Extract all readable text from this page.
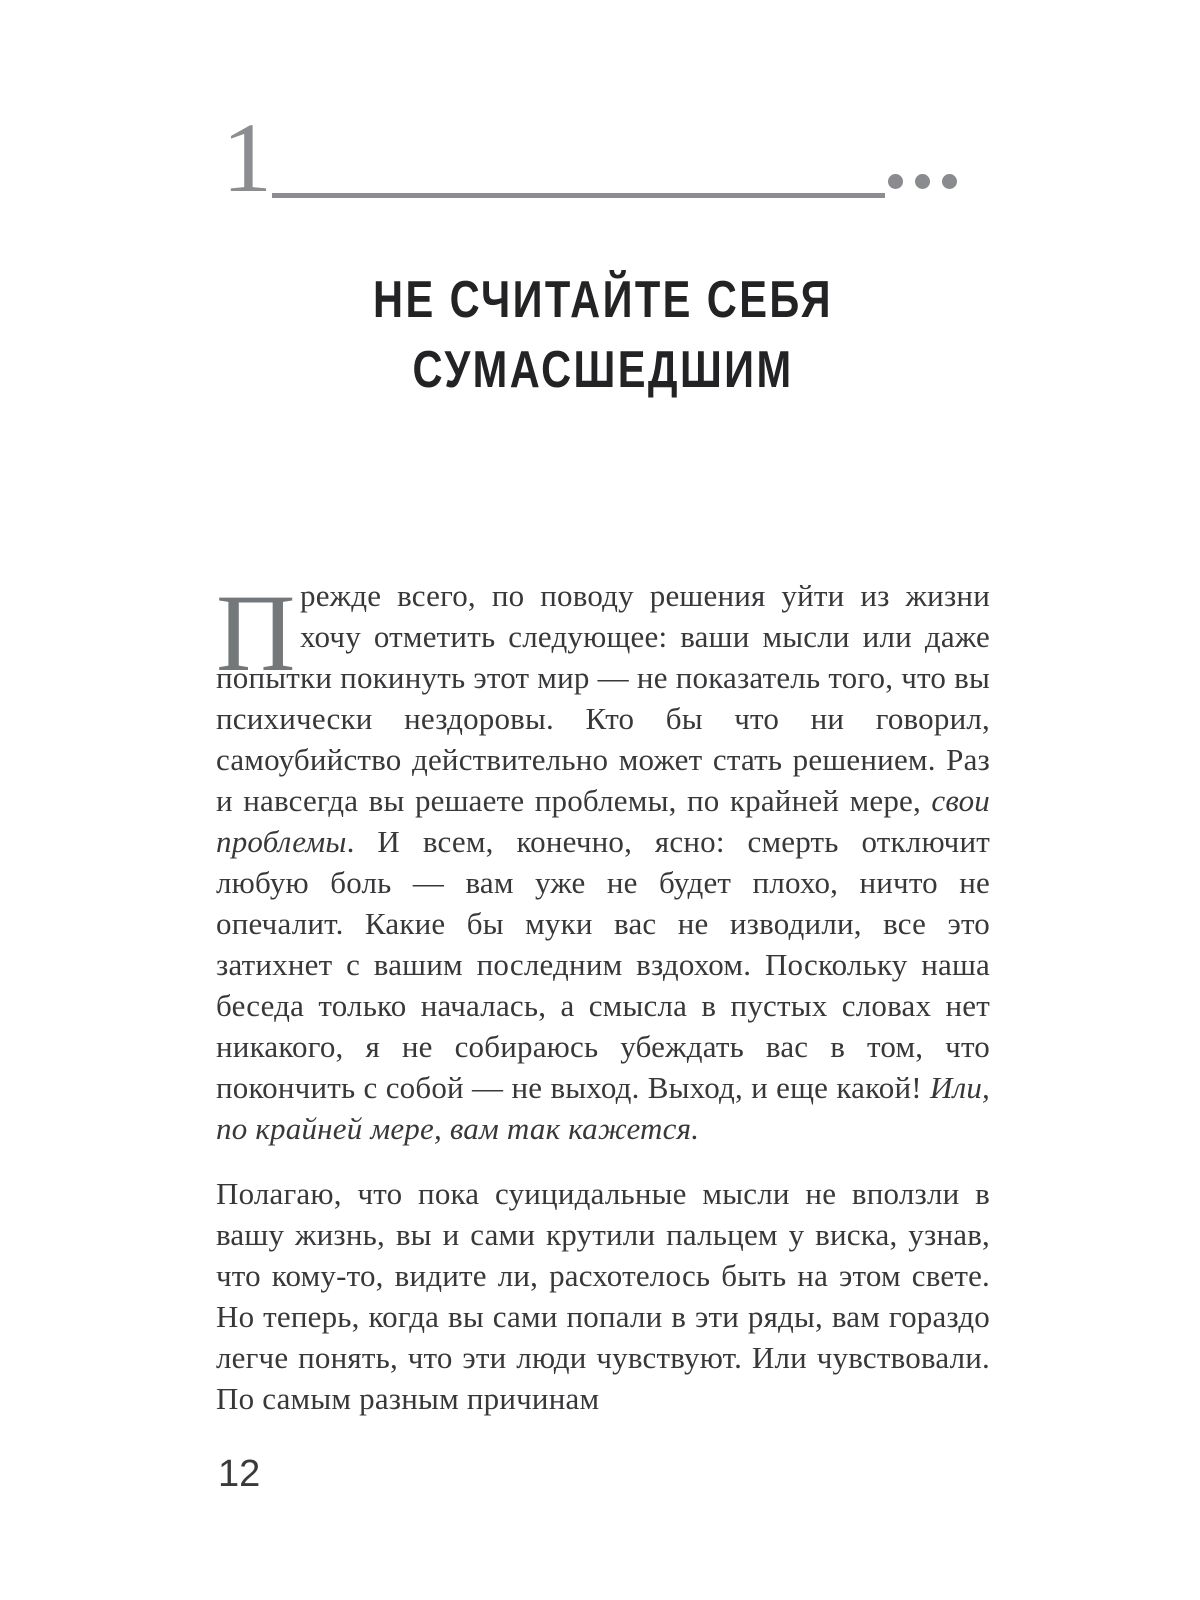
1
НЕ СЧИТАЙТЕ СЕБЯ
СУМАСШЕДШИМ

П режде всего, по поводу решения уйти из жизни хочу отметить следующее: ваши мысли или даже попытки покинуть этот мир — не показатель того, что вы психически нездоровы. Кто бы что ни говорил, самоубийство действительно может стать решением. Раз и навсегда вы решаете проблемы, по крайней мере, свои проблемы. И всем, конечно, ясно: смерть отключит любую боль — вам уже не будет плохо, ничто не опечалит. Какие бы муки вас не изводили, все это затихнет с вашим последним вздохом. Поскольку наша беседа только началась, а смысла в пустых словах нет никакого, я не собираюсь убеждать вас в том, что покончить с собой — не выход. Выход, и еще какой! Или, по крайней мере, вам так кажется.

Полагаю, что пока суицидальные мысли не вползли в вашу жизнь, вы и сами крутили пальцем у виска, узнав, что кому-то, видите ли, расхотелось быть на этом свете. Но теперь, когда вы сами попали в эти ряды, вам гораздо легче понять, что эти люди чувствуют. Или чувствовали. По самым разным причинам

12
